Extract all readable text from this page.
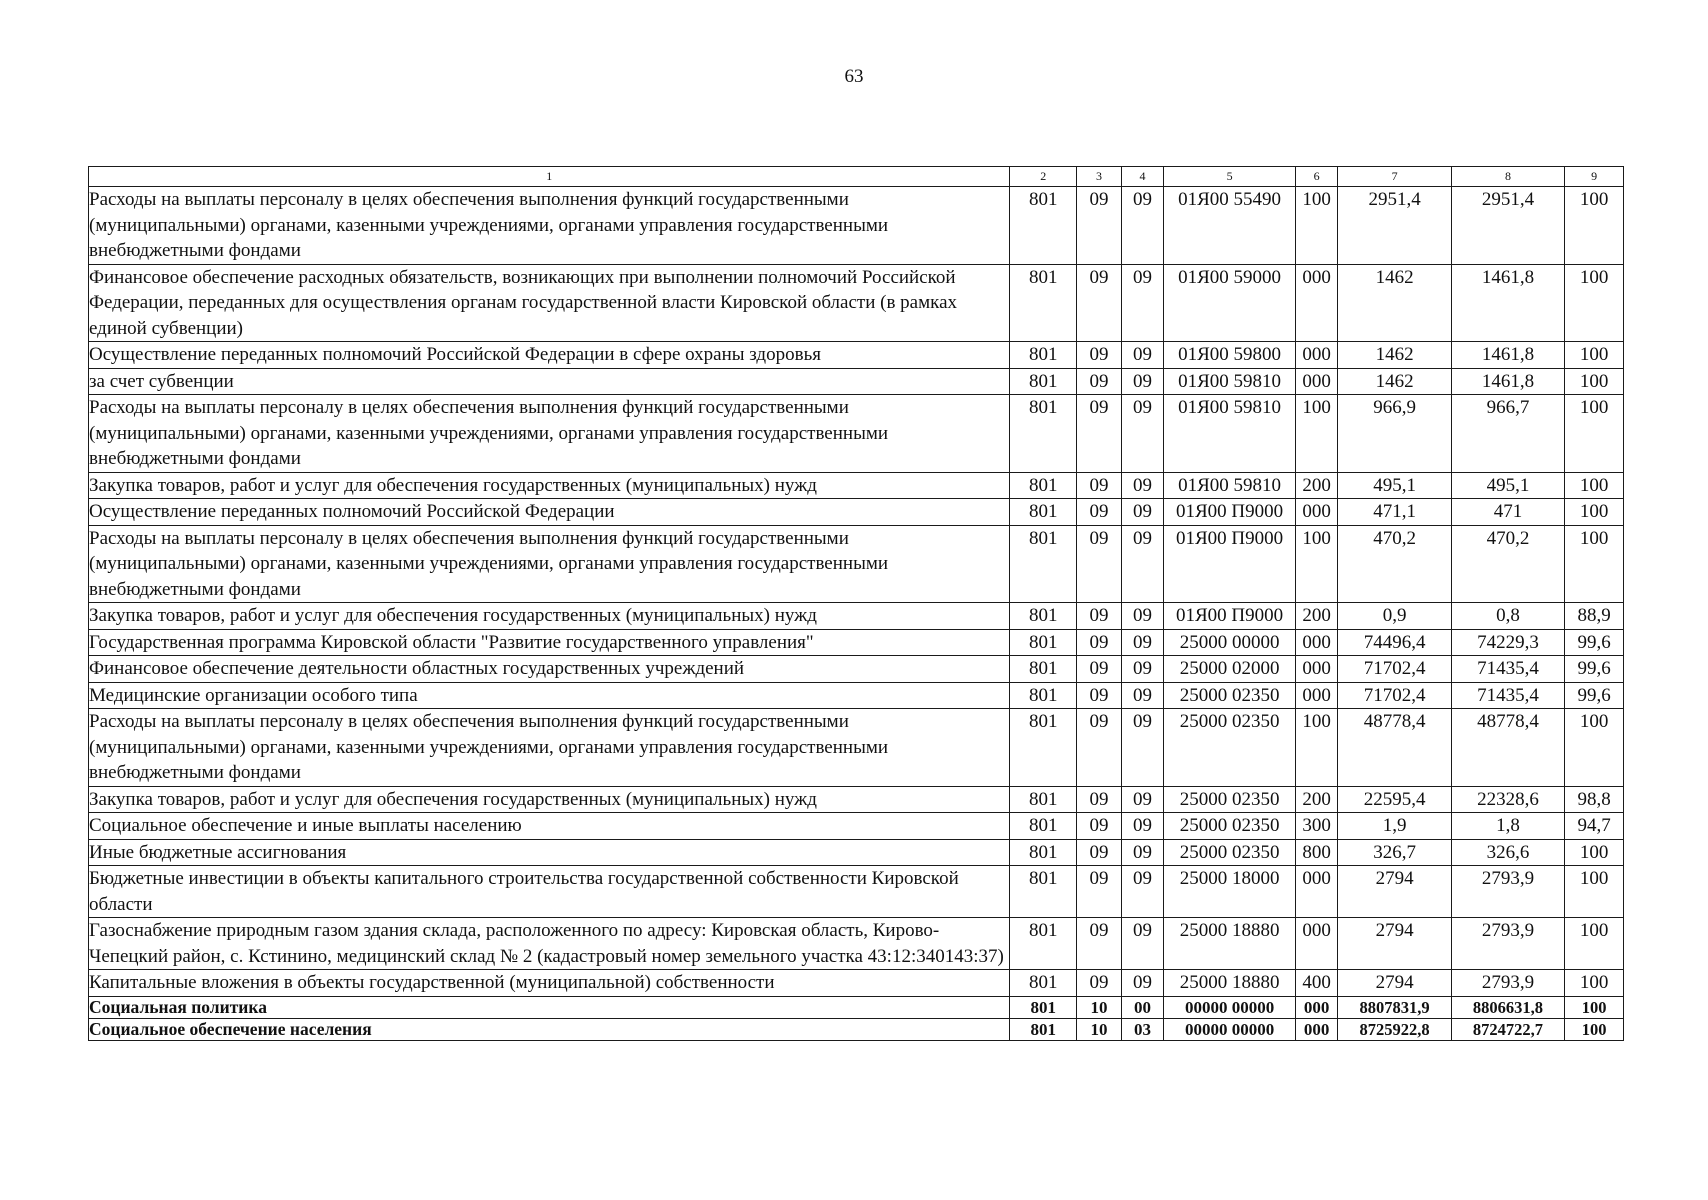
63
1	2	3	4	5	6	7	8	9
Расходы на выплаты персоналу в целях обеспечения выполнения функций государственными (муниципальными) органами, казенными учреждениями, органами управления государственными внебюджетными фондами	801	09	09	01Я00 55490	100	2951,4	2951,4	100
Финансовое обеспечение расходных обязательств, возникающих при выполнении полномочий Российской Федерации, переданных для осуществления органам государственной власти Кировской области (в рамках единой субвенции)	801	09	09	01Я00 59000	000	1462	1461,8	100
Осуществление переданных полномочий Российской Федерации в сфере охраны здоровья	801	09	09	01Я00 59800	000	1462	1461,8	100
за счет субвенции	801	09	09	01Я00 59810	000	1462	1461,8	100
Расходы на выплаты персоналу в целях обеспечения выполнения функций государственными (муниципальными) органами, казенными учреждениями, органами управления государственными внебюджетными фондами	801	09	09	01Я00 59810	100	966,9	966,7	100
Закупка товаров, работ и услуг для обеспечения государственных (муниципальных) нужд	801	09	09	01Я00 59810	200	495,1	495,1	100
Осуществление переданных полномочий Российской Федерации	801	09	09	01Я00 П9000	000	471,1	471	100
Расходы на выплаты персоналу в целях обеспечения выполнения функций государственными (муниципальными) органами, казенными учреждениями, органами управления государственными внебюджетными фондами	801	09	09	01Я00 П9000	100	470,2	470,2	100
Закупка товаров, работ и услуг для обеспечения государственных (муниципальных) нужд	801	09	09	01Я00 П9000	200	0,9	0,8	88,9
Государственная программа Кировской области "Развитие государственного управления"	801	09	09	25000 00000	000	74496,4	74229,3	99,6
Финансовое обеспечение деятельности областных государственных учреждений	801	09	09	25000 02000	000	71702,4	71435,4	99,6
Медицинские организации особого типа	801	09	09	25000 02350	000	71702,4	71435,4	99,6
Расходы на выплаты персоналу в целях обеспечения выполнения функций государственными (муниципальными) органами, казенными учреждениями, органами управления государственными внебюджетными фондами	801	09	09	25000 02350	100	48778,4	48778,4	100
Закупка товаров, работ и услуг для обеспечения государственных (муниципальных) нужд	801	09	09	25000 02350	200	22595,4	22328,6	98,8
Социальное обеспечение и иные выплаты населению	801	09	09	25000 02350	300	1,9	1,8	94,7
Иные бюджетные ассигнования	801	09	09	25000 02350	800	326,7	326,6	100
Бюджетные инвестиции в объекты капитального строительства государственной собственности Кировской области	801	09	09	25000 18000	000	2794	2793,9	100
Газоснабжение природным газом здания склада, расположенного по адресу: Кировская область, Кирово-Чепецкий район, с. Кстинино, медицинский склад № 2 (кадастровый номер земельного участка 43:12:340143:37)	801	09	09	25000 18880	000	2794	2793,9	100
Капитальные вложения в объекты государственной (муниципальной) собственности	801	09	09	25000 18880	400	2794	2793,9	100
Социальная политика	801	10	00	00000 00000	000	8807831,9	8806631,8	100
Социальное обеспечение населения	801	10	03	00000 00000	000	8725922,8	8724722,7	100
